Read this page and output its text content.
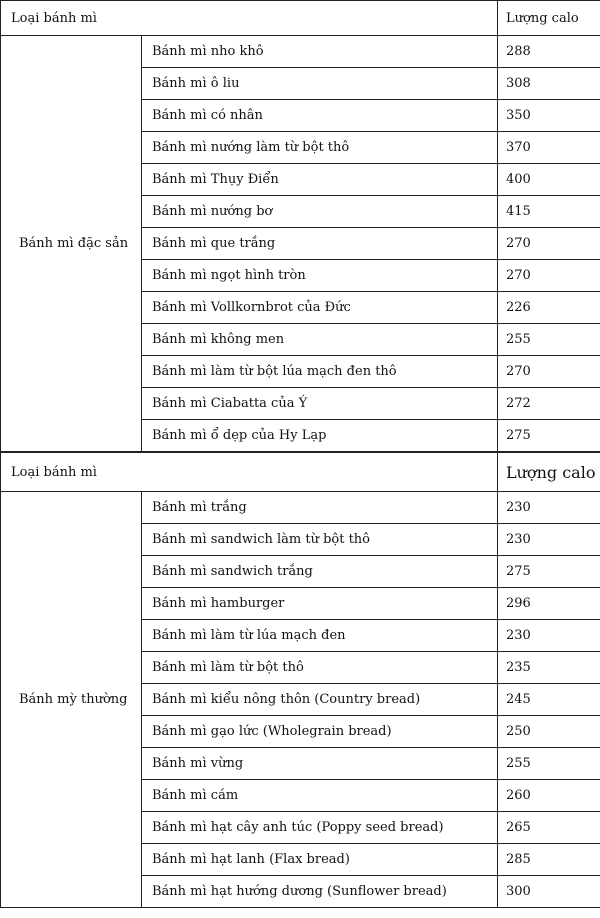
Loại bánh mì		Lượng calo
Bánh mì đặc sản	Bánh mì nho khô	288
	Bánh mì ô liu	308
	Bánh mì có nhân	350
	Bánh mì nướng làm từ bột thô	370
	Bánh mì Thụy Điển	400
	Bánh mì nướng bơ	415
	Bánh mì que trắng	270
	Bánh mì ngọt hình tròn	270
	Bánh mì Vollkornbrot của Đức	226
	Bánh mì không men	255
	Bánh mì làm từ bột lúa mạch đen thô	270
	Bánh mì Ciabatta của Ý	272
	Bánh mì ổ dẹp của Hy Lạp	275
Loại bánh mì		Lượng calo
Bánh mỳ thường	Bánh mì trắng	230
	Bánh mì sandwich làm từ bột thô	230
	Bánh mì sandwich trắng	275
	Bánh mì hamburger	296
	Bánh mì làm từ lúa mạch đen	230
	Bánh mì làm từ bột thô	235
	Bánh mì kiểu nông thôn (Country bread)	245
	Bánh mì gạo lức (Wholegrain bread)	250
	Bánh mì vừng	255
	Bánh mì cám	260
	Bánh mì hạt cây anh túc (Poppy seed bread)	265
	Bánh mì hạt lanh (Flax bread)	285
	Bánh mì hạt hướng dương (Sunflower bread)	300
